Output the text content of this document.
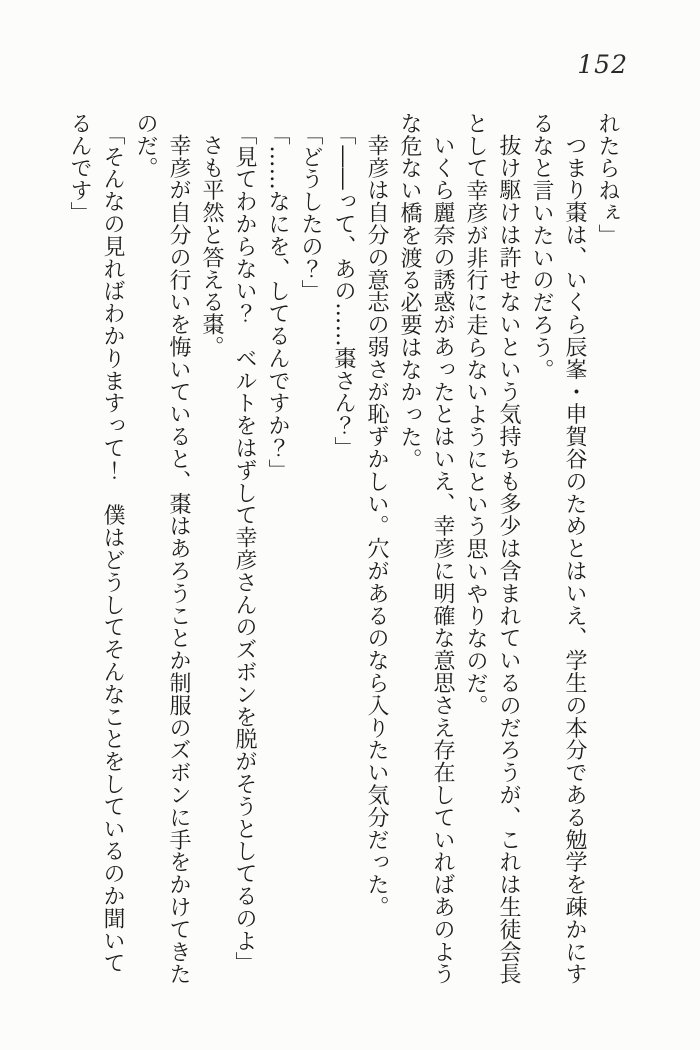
152

れたらねぇ」

つまり棗は、いくら辰峯・申賀谷のためとはいえ、学生の本分である勉学を疎かにするなと言いたいのだろう。

抜け駆けは許せないという気持ちも多少は含まれているのだろうが、これは生徒会長として幸彦が非行に走らないようにという思いやりなのだ。

いくら麗奈の誘惑があったとはいえ、幸彦に明確な意思さえ存在していればあのような危ない橋を渡る必要はなかった。

幸彦は自分の意志の弱さが恥ずかしい。穴があるのなら入りたい気分だった。

「――って、あの……棗さん？」

「どうしたの？」

「……なにを、してるんですか？」

「見てわからない？　ベルトをはずして幸彦さんのズボンを脱がそうとしてるのよ」

さも平然と答える棗。

幸彦が自分の行いを悔いていると、棗はあろうことか制服のズボンに手をかけてきたのだ。

「そんなの見ればわかりますって！　僕はどうしてそんなことをしているのか聞いてるんです」
